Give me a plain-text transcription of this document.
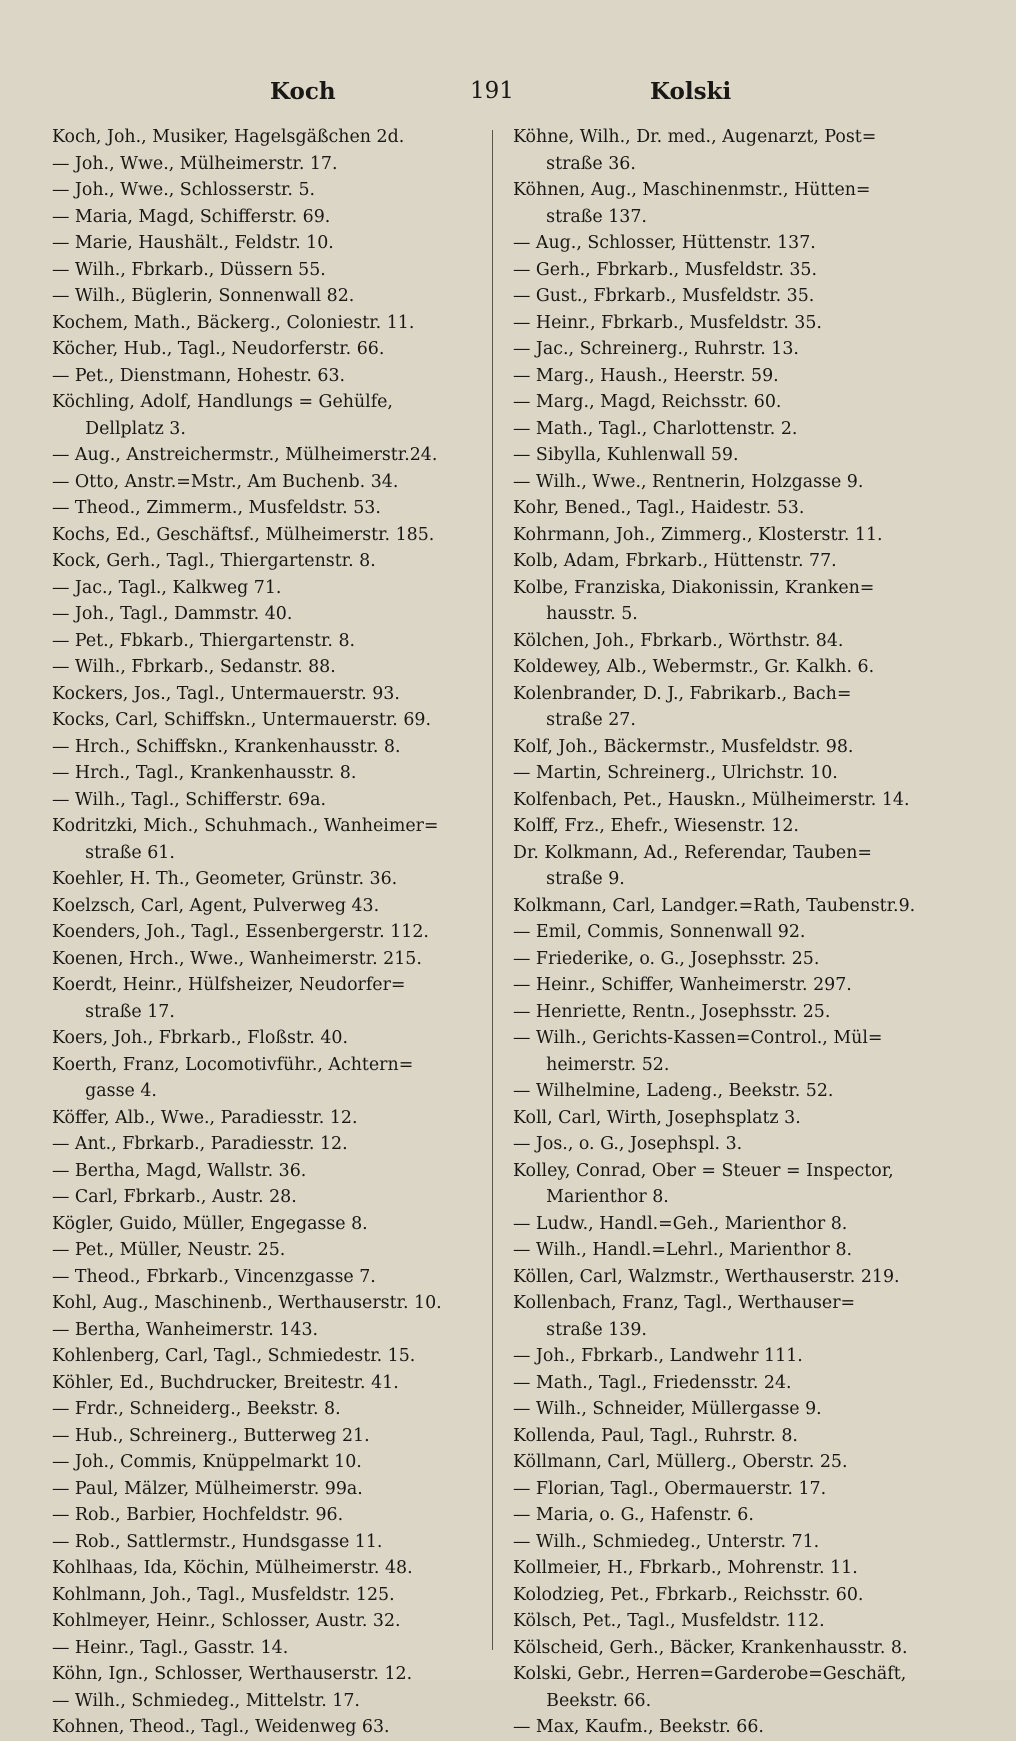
Koch	191	Kolski
Koch, Joh., Musiker, Hagelsgäßchen 2d.
— Joh., Wwe., Mülheimerstr. 17.
— Joh., Wwe., Schlosserstr. 5.
— Maria, Magd, Schifferstr. 69.
— Marie, Haushält., Feldstr. 10.
— Wilh., Fbrkarb., Düssern 55.
— Wilh., Büglerin, Sonnenwall 82.
Kochem, Math., Bäckerg., Coloniestr. 11.
Köcher, Hub., Tagl., Neudorferstr. 66.
— Pet., Dienstmann, Hohestr. 63.
Köchling, Adolf, Handlungs = Gehülfe,
Dellplatz 3.
— Aug., Anstreichermstr., Mülheimerstr.24.
— Otto, Anstr.=Mstr., Am Buchenb. 34.
— Theod., Zimmerm., Musfeldstr. 53.
Kochs, Ed., Geschäftsf., Mülheimerstr. 185.
Kock, Gerh., Tagl., Thiergartenstr. 8.
— Jac., Tagl., Kalkweg 71.
— Joh., Tagl., Dammstr. 40.
— Pet., Fbkarb., Thiergartenstr. 8.
— Wilh., Fbrkarb., Sedanstr. 88.
Kockers, Jos., Tagl., Untermauerstr. 93.
Kocks, Carl, Schiffskn., Untermauerstr. 69.
— Hrch., Schiffskn., Krankenhausstr. 8.
— Hrch., Tagl., Krankenhausstr. 8.
— Wilh., Tagl., Schifferstr. 69a.
Kodritzki, Mich., Schuhmach., Wanheimer=
straße 61.
Koehler, H. Th., Geometer, Grünstr. 36.
Koelzsch, Carl, Agent, Pulverweg 43.
Koenders, Joh., Tagl., Essenbergerstr. 112.
Koenen, Hrch., Wwe., Wanheimerstr. 215.
Koerdt, Heinr., Hülfsheizer, Neudorfer=
straße 17.
Koers, Joh., Fbrkarb., Floßstr. 40.
Koerth, Franz, Locomotivführ., Achtern=
gasse 4.
Köffer, Alb., Wwe., Paradiesstr. 12.
— Ant., Fbrkarb., Paradiesstr. 12.
— Bertha, Magd, Wallstr. 36.
— Carl, Fbrkarb., Austr. 28.
Kögler, Guido, Müller, Engegasse 8.
— Pet., Müller, Neustr. 25.
— Theod., Fbrkarb., Vincenzgasse 7.
Kohl, Aug., Maschinenb., Werthauserstr. 10.
— Bertha, Wanheimerstr. 143.
Kohlenberg, Carl, Tagl., Schmiedestr. 15.
Köhler, Ed., Buchdrucker, Breitestr. 41.
— Frdr., Schneiderg., Beekstr. 8.
— Hub., Schreinerg., Butterweg 21.
— Joh., Commis, Knüppelmarkt 10.
— Paul, Mälzer, Mülheimerstr. 99a.
— Rob., Barbier, Hochfeldstr. 96.
— Rob., Sattlermstr., Hundsgasse 11.
Kohlhaas, Ida, Köchin, Mülheimerstr. 48.
Kohlmann, Joh., Tagl., Musfeldstr. 125.
Kohlmeyer, Heinr., Schlosser, Austr. 32.
— Heinr., Tagl., Gasstr. 14.
Köhn, Ign., Schlosser, Werthauserstr. 12.
— Wilh., Schmiedeg., Mittelstr. 17.
Kohnen, Theod., Tagl., Weidenweg 63.
Köhne, Wilh., Dr. med., Augenarzt, Post=
straße 36.
Köhnen, Aug., Maschinenmstr., Hütten=
straße 137.
— Aug., Schlosser, Hüttenstr. 137.
— Gerh., Fbrkarb., Musfeldstr. 35.
— Gust., Fbrkarb., Musfeldstr. 35.
— Heinr., Fbrkarb., Musfeldstr. 35.
— Jac., Schreinerg., Ruhrstr. 13.
— Marg., Haush., Heerstr. 59.
— Marg., Magd, Reichsstr. 60.
— Math., Tagl., Charlottenstr. 2.
— Sibylla, Kuhlenwall 59.
— Wilh., Wwe., Rentnerin, Holzgasse 9.
Kohr, Bened., Tagl., Haidestr. 53.
Kohrmann, Joh., Zimmerg., Klosterstr. 11.
Kolb, Adam, Fbrkarb., Hüttenstr. 77.
Kolbe, Franziska, Diakonissin, Kranken=
hausstr. 5.
Kölchen, Joh., Fbrkarb., Wörthstr. 84.
Koldewey, Alb., Webermstr., Gr. Kalkh. 6.
Kolenbrander, D. J., Fabrikarb., Bach=
straße 27.
Kolf, Joh., Bäckermstr., Musfeldstr. 98.
— Martin, Schreinerg., Ulrichstr. 10.
Kolfenbach, Pet., Hauskn., Mülheimerstr. 14.
Kolff, Frz., Ehefr., Wiesenstr. 12.
Dr. Kolkmann, Ad., Referendar, Tauben=
straße 9.
Kolkmann, Carl, Landger.=Rath, Taubenstr.9.
— Emil, Commis, Sonnenwall 92.
— Friederike, o. G., Josephsstr. 25.
— Heinr., Schiffer, Wanheimerstr. 297.
— Henriette, Rentn., Josephsstr. 25.
— Wilh., Gerichts-Kassen=Control., Mül=
heimerstr. 52.
— Wilhelmine, Ladeng., Beekstr. 52.
Koll, Carl, Wirth, Josephsplatz 3.
— Jos., o. G., Josephspl. 3.
Kolley, Conrad, Ober = Steuer = Inspector,
Marienthor 8.
— Ludw., Handl.=Geh., Marienthor 8.
— Wilh., Handl.=Lehrl., Marienthor 8.
Köllen, Carl, Walzmstr., Werthauserstr. 219.
Kollenbach, Franz, Tagl., Werthauser=
straße 139.
— Joh., Fbrkarb., Landwehr 111.
— Math., Tagl., Friedensstr. 24.
— Wilh., Schneider, Müllergasse 9.
Kollenda, Paul, Tagl., Ruhrstr. 8.
Köllmann, Carl, Müllerg., Oberstr. 25.
— Florian, Tagl., Obermauerstr. 17.
— Maria, o. G., Hafenstr. 6.
— Wilh., Schmiedeg., Unterstr. 71.
Kollmeier, H., Fbrkarb., Mohrenstr. 11.
Kolodzieg, Pet., Fbrkarb., Reichsstr. 60.
Kölsch, Pet., Tagl., Musfeldstr. 112.
Kölscheid, Gerh., Bäcker, Krankenhausstr. 8.
Kolski, Gebr., Herren=Garderobe=Geschäft,
Beekstr. 66.
— Max, Kaufm., Beekstr. 66.
